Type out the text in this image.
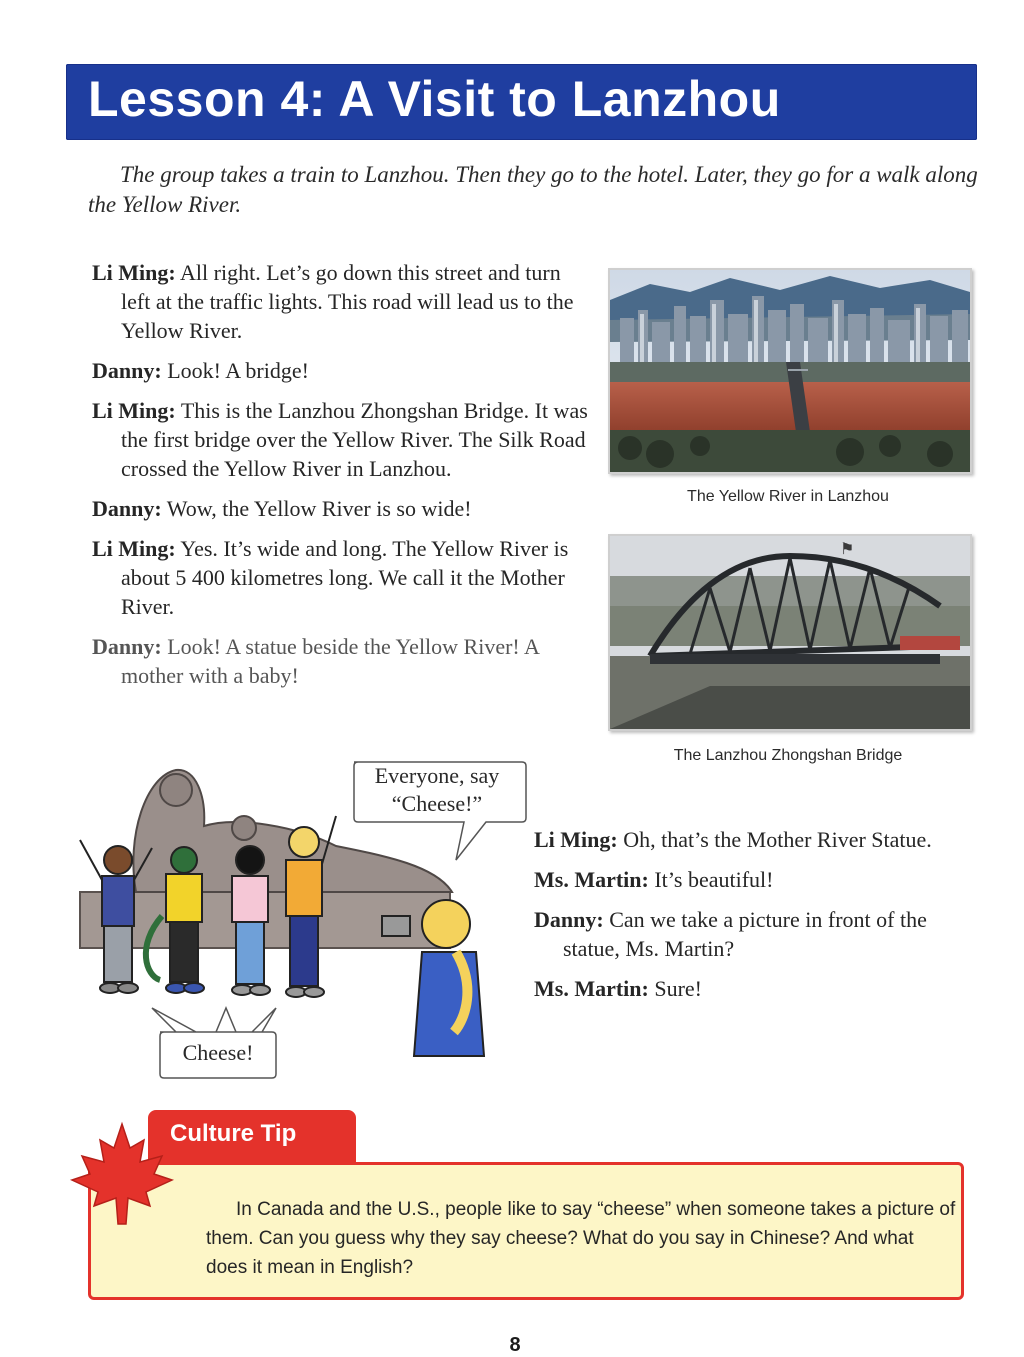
Lesson 4: A Visit to Lanzhou
The group takes a train to Lanzhou. Then they go to the hotel. Later, they go for a walk along the Yellow River.

Li Ming: All right. Let’s go down this street and turn left at the traffic lights. This road will lead us to the Yellow River.

Danny: Look! A bridge!

Li Ming: This is the Lanzhou Zhongshan Bridge. It was the first bridge over the Yellow River. The Silk Road crossed the Yellow River in Lanzhou.

Danny: Wow, the Yellow River is so wide!

Li Ming: Yes. It’s wide and long. The Yellow River is about 5 400 kilometres long. We call it the Mother River.

Danny: Look! A statue beside the Yellow River! A mother with a baby!

The Yellow River in Lanzhou
⚑
The Lanzhou Zhongshan Bridge
Everyone, say
“Cheese!”
Cheese!

Li Ming: Oh, that’s the Mother River Statue.

Ms. Martin: It’s beautiful!

Danny: Can we take a picture in front of the statue, Ms. Martin?

Ms. Martin: Sure!

In Canada and the U.S., people like to say “cheese” when someone takes a picture of them. Can you guess why they say cheese? What do you say in Chinese? And what does it mean in English?
Culture Tip
8
